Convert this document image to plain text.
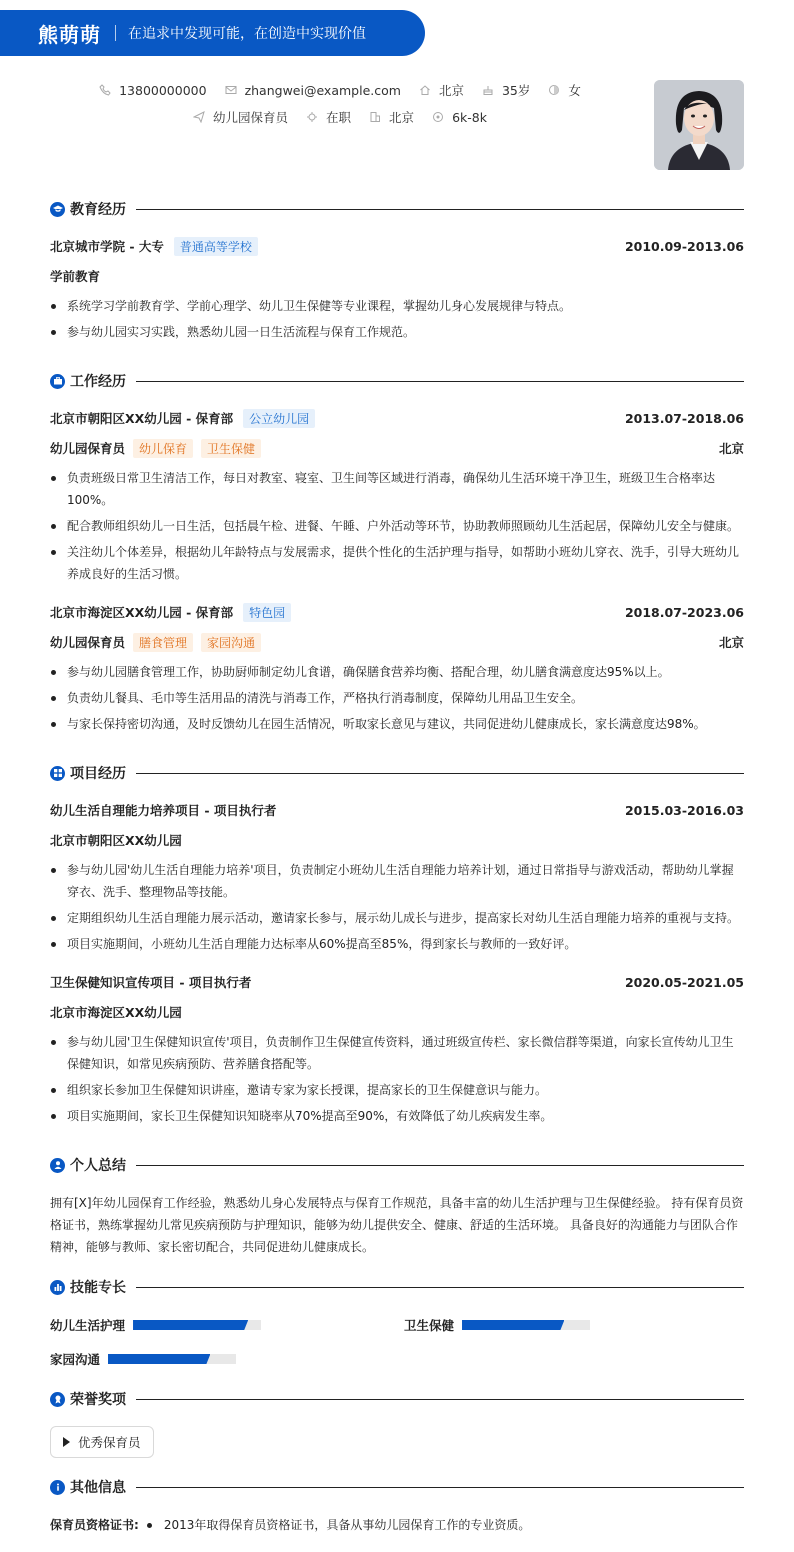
熊萌萌 在追求中发现可能，在创造中实现价值
13800000000	zhangwei@example.com	北京	35岁	女
幼儿园保育员	在职	北京	6k-8k
教育经历
北京城市学院 - 大专	普通高等学校	2010.09-2013.06
学前教育
系统学习学前教育学、学前心理学、幼儿卫生保健等专业课程，掌握幼儿身心发展规律与特点。
参与幼儿园实习实践，熟悉幼儿园一日生活流程与保育工作规范。
工作经历
北京市朝阳区XX幼儿园 - 保育部	公立幼儿园	2013.07-2018.06
幼儿园保育员	幼儿保育	卫生保健	北京
负责班级日常卫生清洁工作，每日对教室、寝室、卫生间等区域进行消毒，确保幼儿生活环境干净卫生，班级卫生合格率达100%。
配合教师组织幼儿一日生活，包括晨午检、进餐、午睡、户外活动等环节，协助教师照顾幼儿生活起居，保障幼儿安全与健康。
关注幼儿个体差异，根据幼儿年龄特点与发展需求，提供个性化的生活护理与指导，如帮助小班幼儿穿衣、洗手，引导大班幼儿养成良好的生活习惯。
北京市海淀区XX幼儿园 - 保育部	特色园	2018.07-2023.06
幼儿园保育员	膳食管理	家园沟通	北京
参与幼儿园膳食管理工作，协助厨师制定幼儿食谱，确保膳食营养均衡、搭配合理，幼儿膳食满意度达95%以上。
负责幼儿餐具、毛巾等生活用品的清洗与消毒工作，严格执行消毒制度，保障幼儿用品卫生安全。
与家长保持密切沟通，及时反馈幼儿在园生活情况，听取家长意见与建议，共同促进幼儿健康成长，家长满意度达98%。
项目经历
幼儿生活自理能力培养项目 - 项目执行者	2015.03-2016.03
北京市朝阳区XX幼儿园
参与幼儿园'幼儿生活自理能力培养'项目，负责制定小班幼儿生活自理能力培养计划，通过日常指导与游戏活动，帮助幼儿掌握穿衣、洗手、整理物品等技能。
定期组织幼儿生活自理能力展示活动，邀请家长参与，展示幼儿成长与进步，提高家长对幼儿生活自理能力培养的重视与支持。
项目实施期间，小班幼儿生活自理能力达标率从60%提高至85%，得到家长与教师的一致好评。
卫生保健知识宣传项目 - 项目执行者	2020.05-2021.05
北京市海淀区XX幼儿园
参与幼儿园'卫生保健知识宣传'项目，负责制作卫生保健宣传资料，通过班级宣传栏、家长微信群等渠道，向家长宣传幼儿卫生保健知识，如常见疾病预防、营养膳食搭配等。
组织家长参加卫生保健知识讲座，邀请专家为家长授课，提高家长的卫生保健意识与能力。
项目实施期间，家长卫生保健知识知晓率从70%提高至90%，有效降低了幼儿疾病发生率。
个人总结

拥有[X]年幼儿园保育工作经验，熟悉幼儿身心发展特点与保育工作规范，具备丰富的幼儿生活护理与卫生保健经验。 持有保育员资格证书，熟练掌握幼儿常见疾病预防与护理知识，能够为幼儿提供安全、健康、舒适的生活环境。 具备良好的沟通能力与团队合作精神，能够与教师、家长密切配合，共同促进幼儿健康成长。

技能专长
幼儿生活护理	卫生保健
家园沟通
荣誉奖项
优秀保育员
其他信息
保育员资格证书: 2013年取得保育员资格证书，具备从事幼儿园保育工作的专业资质。
